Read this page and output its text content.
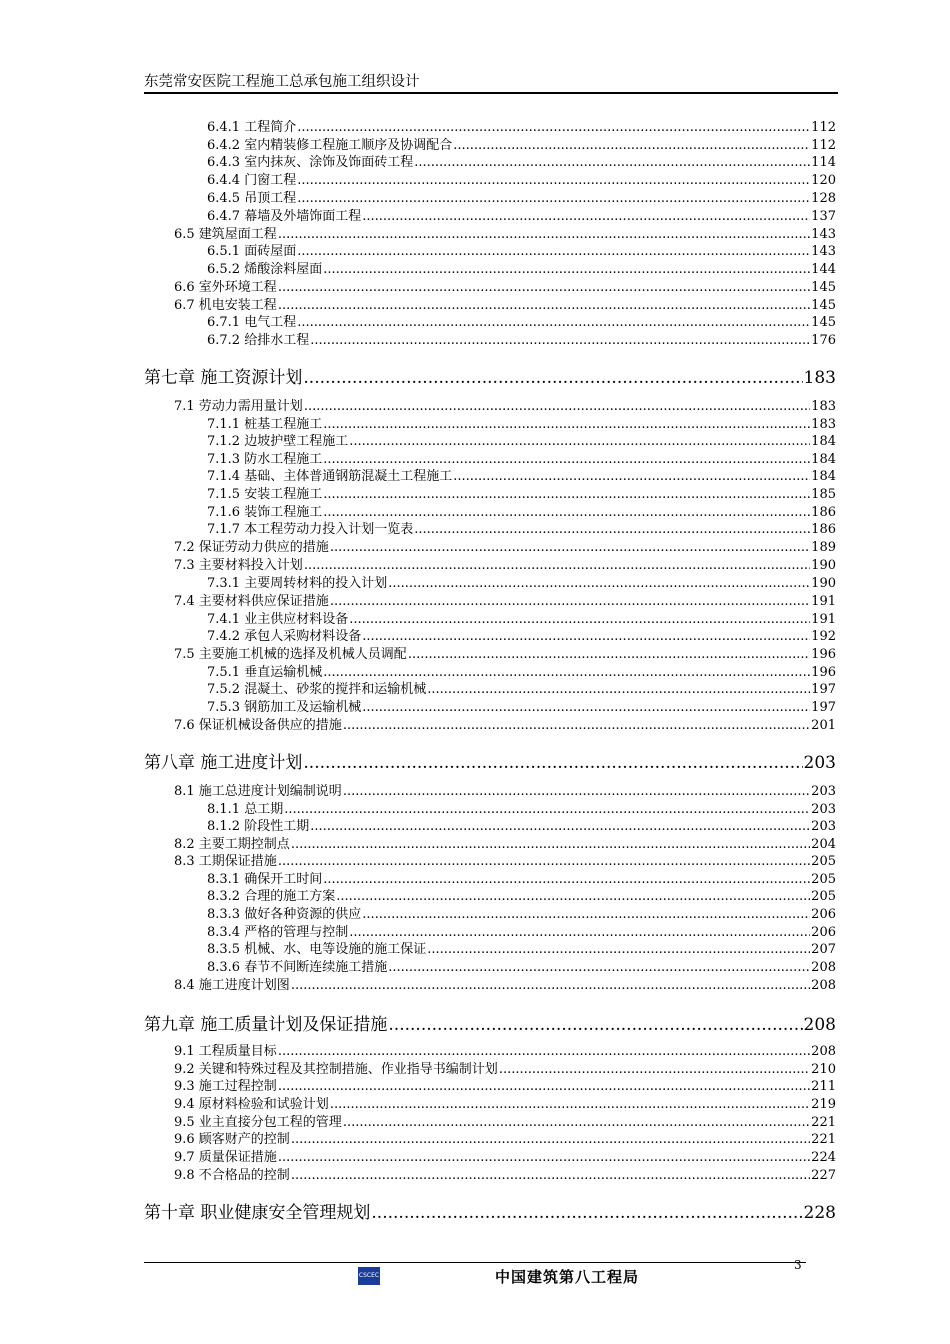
东莞常安医院工程施工总承包施工组织设计
6.4.1 工程简介 .....	112
6.4.2 室内精装修工程施工顺序及协调配合 .....	112
6.4.3 室内抹灰、涂饰及饰面砖工程 .....	114
6.4.4 门窗工程 .....	120
6.4.5 吊顶工程 .....	128
6.4.7 幕墙及外墙饰面工程 .....	137
6.5 建筑屋面工程 .....	143
6.5.1 面砖屋面 .....	143
6.5.2 烯酸涂料屋面 .....	144
6.6 室外环境工程 .....	145
6.7 机电安装工程 .....	145
6.7.1 电气工程 .....	145
6.7.2 给排水工程 .....	176
第七章 施工资源计划 .....	183
7.1 劳动力需用量计划 .....	183
7.1.1 桩基工程施工 .....	183
7.1.2 边坡护壁工程施工 .....	184
7.1.3 防水工程施工 .....	184
7.1.4 基础、主体普通钢筋混凝土工程施工 .....	184
7.1.5 安装工程施工 .....	185
7.1.6 装饰工程施工 .....	186
7.1.7 本工程劳动力投入计划一览表 .....	186
7.2 保证劳动力供应的措施 .....	189
7.3 主要材料投入计划 .....	190
7.3.1 主要周转材料的投入计划 .....	190
7.4 主要材料供应保证措施 .....	191
7.4.1 业主供应材料设备 .....	191
7.4.2 承包人采购材料设备 .....	192
7.5 主要施工机械的选择及机械人员调配 .....	196
7.5.1 垂直运输机械 .....	196
7.5.2 混凝土、砂浆的搅拌和运输机械 .....	197
7.5.3 钢筋加工及运输机械 .....	197
7.6 保证机械设备供应的措施 .....	201
第八章 施工进度计划 .....	203
8.1 施工总进度计划编制说明 .....	203
8.1.1 总工期 .....	203
8.1.2 阶段性工期 .....	203
8.2 主要工期控制点 .....	204
8.3 工期保证措施 .....	205
8.3.1 确保开工时间 .....	205
8.3.2 合理的施工方案 .....	205
8.3.3 做好各种资源的供应 .....	206
8.3.4 严格的管理与控制 .....	206
8.3.5 机械、水、电等设施的施工保证 .....	207
8.3.6 春节不间断连续施工措施 .....	208
8.4 施工进度计划图 .....	208
第九章 施工质量计划及保证措施 .....	208
9.1 工程质量目标 .....	208
9.2 关键和特殊过程及其控制措施、作业指导书编制计划 .....	210
9.3 施工过程控制 .....	211
9.4 原材料检验和试验计划 .....	219
9.5 业主直接分包工程的管理 .....	221
9.6 顾客财产的控制 .....	221
9.7 质量保证措施 .....	224
9.8 不合格品的控制 .....	227
第十章 职业健康安全管理规划 .....	228
3
CSCEC	中国建筑第八工程局
